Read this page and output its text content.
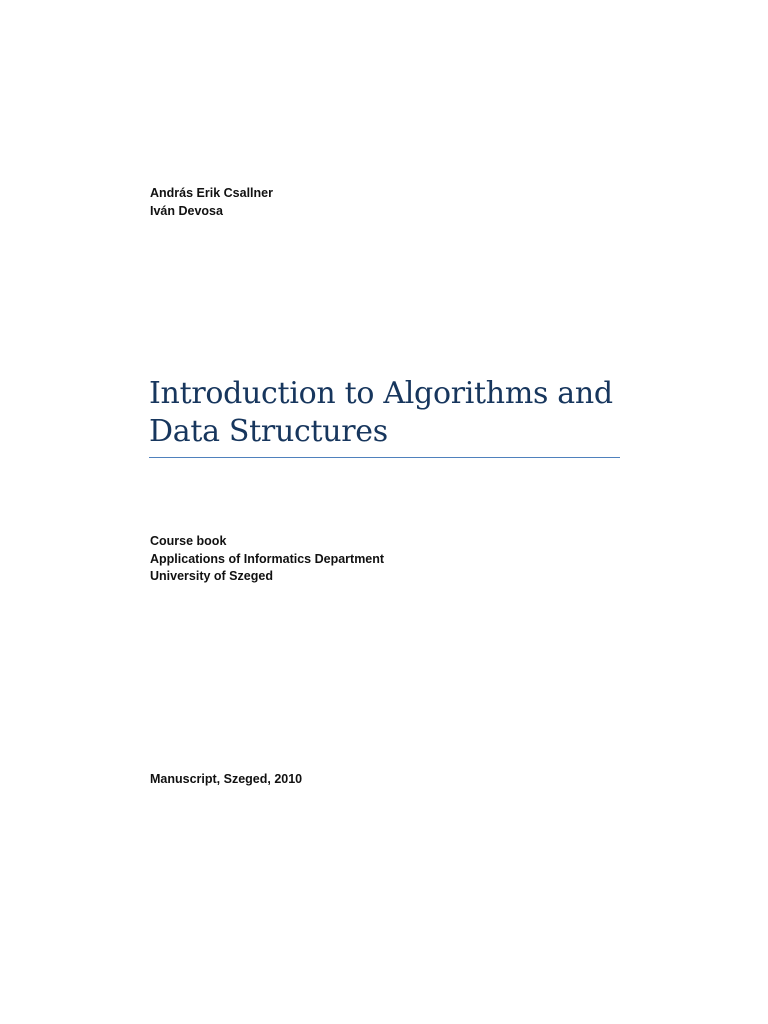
András Erik Csallner
Iván Devosa
Introduction to Algorithms and
Data Structures
Course book
Applications of Informatics Department
University of Szeged
Manuscript, Szeged, 2010
